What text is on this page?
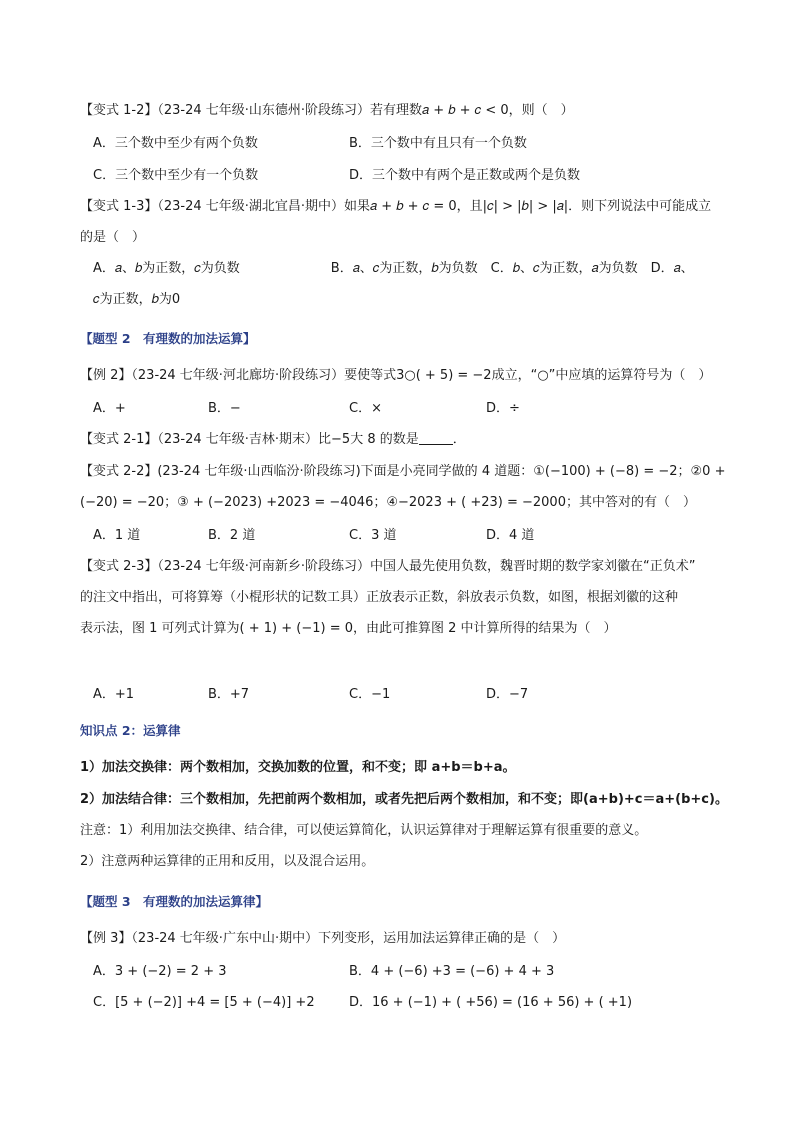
【变式 1-2】（23-24 七年级·山东德州·阶段练习）若有理数𝑎 + 𝑏 + 𝑐 < 0，则（　）
A．三个数中至少有两个负数	B．三个数中有且只有一个负数
C．三个数中至少有一个负数	D．三个数中有两个是正数或两个是负数
【变式 1-3】（23-24 七年级·湖北宜昌·期中）如果𝑎 + 𝑏 + 𝑐 = 0，且|𝑐| > |𝑏| > |𝑎|．则下列说法中可能成立
的是（　）
A．𝑎、𝑏为正数，𝑐为负数　　　　　　　B．𝑎、𝑐为正数，𝑏为负数　C．𝑏、𝑐为正数，𝑎为负数　D．𝑎、
𝑐为正数，𝑏为0
【题型 2　有理数的加法运算】
【例 2】（23-24 七年级·河北廊坊·阶段练习）要使等式3○( + 5) = −2成立，“○”中应填的运算符号为（　）
A．+	B．−	C．×	D．÷
【变式 2-1】（23-24 七年级·吉林·期末）比−5大 8 的数是	．
【变式 2-2】(23-24 七年级·山西临汾·阶段练习)下面是小亮同学做的 4 道题：①(−100) + (−8) = −2；②0 +
(−20) = −20；③ + (−2023) +2023 = −4046；④−2023 + ( +23) = −2000；其中答对的有（　）
A．1 道	B．2 道	C．3 道	D．4 道
【变式 2-3】（23-24 七年级·河南新乡·阶段练习）中国人最先使用负数，魏晋时期的数学家刘徽在“正负术”
的注文中指出，可将算筹（小棍形状的记数工具）正放表示正数，斜放表示负数，如图，根据刘徽的这种
表示法，图 1 可列式计算为( + 1) + (−1) = 0，由此可推算图 2 中计算所得的结果为（　）
A．+1	B．+7	C．−1	D．−7
知识点 2：运算律
1）加法交换律：两个数相加，交换加数的位置，和不变；即 a+b＝b+a。
2）加法结合律：三个数相加，先把前两个数相加，或者先把后两个数相加，和不变；即(a+b)+c＝a+(b+c)。
注意：1）利用加法交换律、结合律，可以使运算简化，认识运算律对于理解运算有很重要的意义。
2）注意两种运算律的正用和反用，以及混合运用。
【题型 3　有理数的加法运算律】
【例 3】（23-24 七年级·广东中山·期中）下列变形，运用加法运算律正确的是（　）
A．3 + (−2) = 2 + 3	B．4 + (−6) +3 = (−6) + 4 + 3
C．[5 + (−2)] +4 = [5 + (−4)] +2	D．16 + (−1) + ( +56) = (16 + 56) + ( +1)
